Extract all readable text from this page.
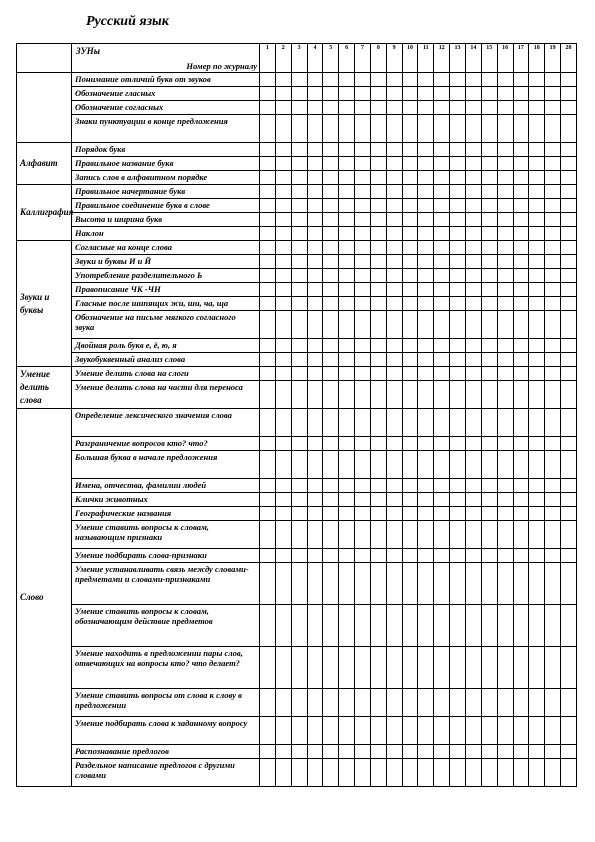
Русский язык

	ЗУНы
Номер по журналу	1	2	3	4	5	6	7	8	9	10	11	12	13	14	15	16	17	18	19	20
	Понимание отличий букв от звуков																				
	Обозначение гласных																				
	Обозначение согласных																				
	Знаки пунктуации в конце предложения																				
Алфавит	Порядок букв																				
	Правильное название букв																				
	Запись слов в алфавитном порядке																				
Каллиграфия	Правильное начертание букв																				
	Правильное соединение букв в слове																				
	Высота и ширина букв																				
	Наклон																				
Звуки и буквы	Согласные на конце слова																				
	Звуки и буквы И и Й																				
	Употребление разделительного Ь																				
	Правописание ЧК -ЧН																				
	Гласные после шипящих жи, ши, ча, ща																				
	Обозначение на письме мягкого согласного звука																				
	Двойная роль букв е, ё, ю, я																				
	Звукобуквенный анализ слова																				
Умение делить слова	Умение делить слова на слоги																				
	Умение делить слова на части для переноса																				
Слово	Определение лексического значения слова																				
	Разграничение вопросов кто? что?																				
	Большая буква в начале предложения																				
	Имена, отчества, фамилии людей																				
	Клички животных																				
	Географические названия																				
	Умение ставить вопросы к словам, называющим признаки																				
	Умение подбирать слова-признаки																				
	Умение устанавливать связь между словами-предметами и словами-признаками																				
	Умение ставить вопросы к словам, обозначающим действие предметов																				
	Умение находить в предложении пары слов, отвечающих на вопросы кто? что делает?																				
	Умение ставить вопросы от слова к слову в предложении																				
	Умение подбирать слова к заданному вопросу																				
	Распознавание предлогов																				
	Раздельное написание предлогов с другими словами																				
